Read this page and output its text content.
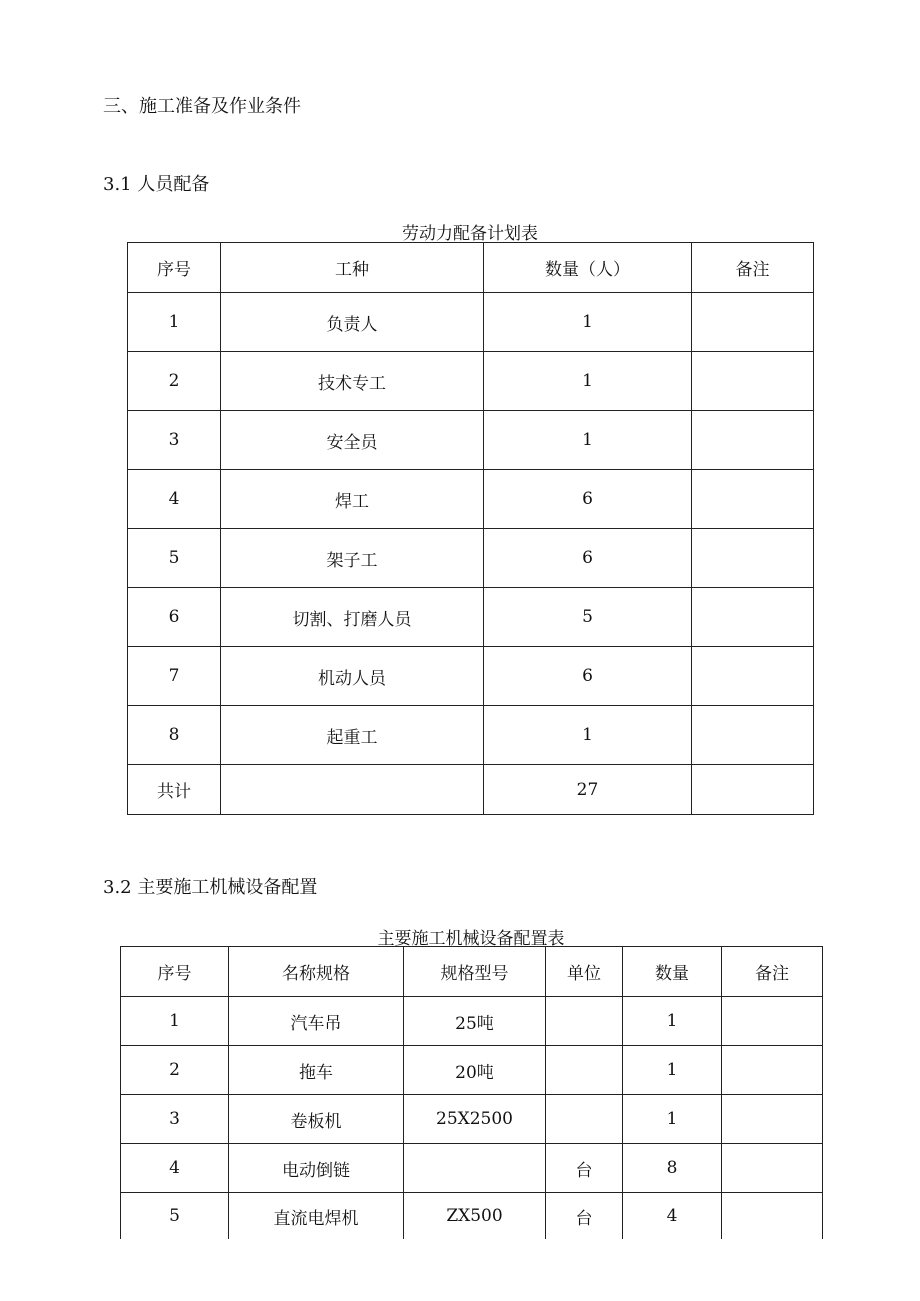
三、施工准备及作业条件
3.1 人员配备
劳动力配备计划表
序号	工种	数量（人）	备注
1	负责人	1	
2	技术专工	1	
3	安全员	1	
4	焊工	6	
5	架子工	6	
6	切割、打磨人员	5	
7	机动人员	6	
8	起重工	1	
共计		27	
3.2 主要施工机械设备配置
主要施工机械设备配置表
序号	名称规格	规格型号	单位	数量	备注
1	汽车吊	25吨		1	
2	拖车	20吨		1	
3	卷板机	25X2500		1	
4	电动倒链		台	8	
5	直流电焊机	ZX500	台	4	
